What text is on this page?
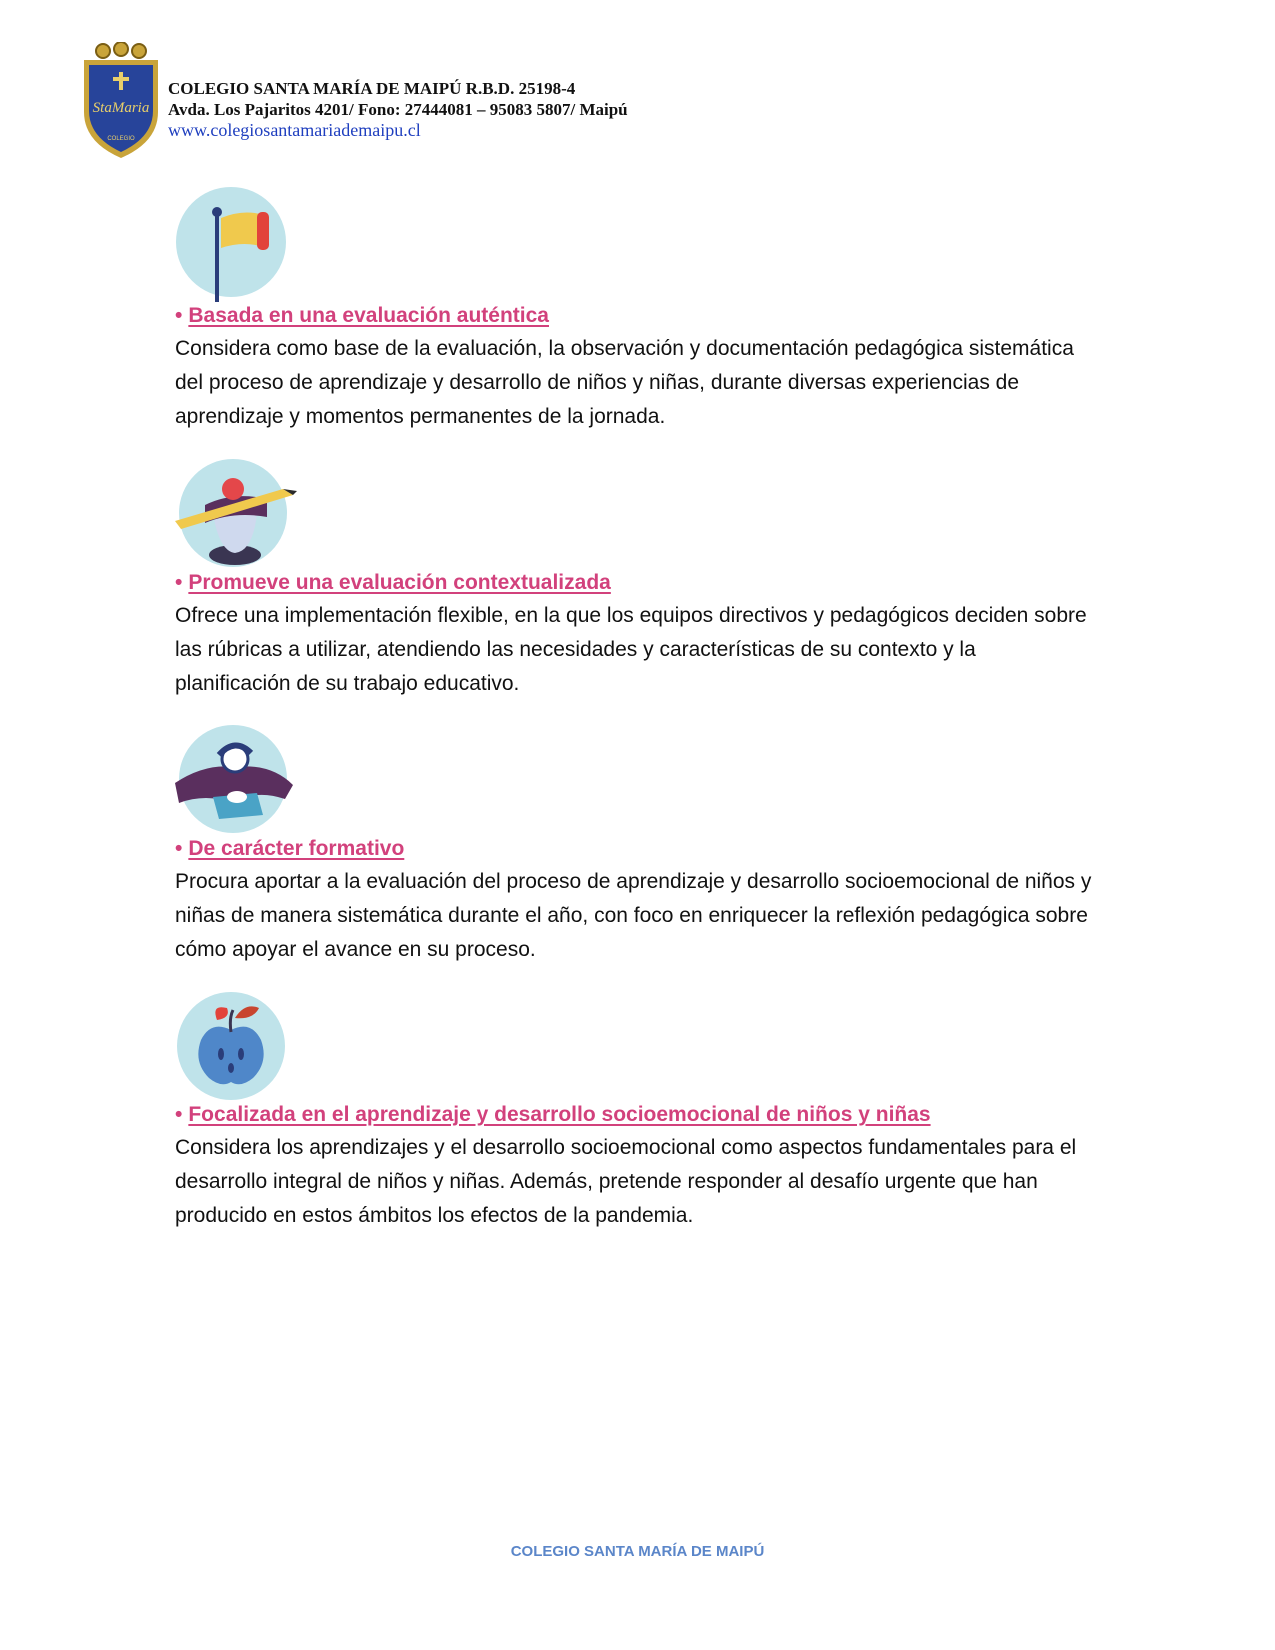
StaMaria
COLEGIO
COLEGIO SANTA MARÍA DE MAIPÚ R.B.D. 25198-4
Avda. Los Pajaritos 4201/ Fono: 27444081 – 95083 5807/ Maipú
www.colegiosantamariademaipu.cl
• Basada en una evaluación auténtica
Considera como base de la evaluación, la observación y documentación pedagógica sistemática del proceso de aprendizaje y desarrollo de niños y niñas, durante diversas experiencias de aprendizaje y momentos permanentes de la jornada.
• Promueve una evaluación contextualizada
Ofrece una implementación flexible, en la que los equipos directivos y pedagógicos deciden sobre las rúbricas a utilizar, atendiendo las necesidades y características de su contexto y la planificación de su trabajo educativo.
• De carácter formativo
Procura aportar a la evaluación del proceso de aprendizaje y desarrollo socioemocional de niños y niñas de manera sistemática durante el año, con foco en enriquecer la reflexión pedagógica sobre cómo apoyar el avance en su proceso.
• Focalizada en el aprendizaje y desarrollo socioemocional de niños y niñas
Considera los aprendizajes y el desarrollo socioemocional como aspectos fundamentales para el desarrollo integral de niños y niñas. Además, pretende responder al desafío urgente que han producido en estos ámbitos los efectos de la pandemia.
COLEGIO SANTA MARÍA DE MAIPÚ
